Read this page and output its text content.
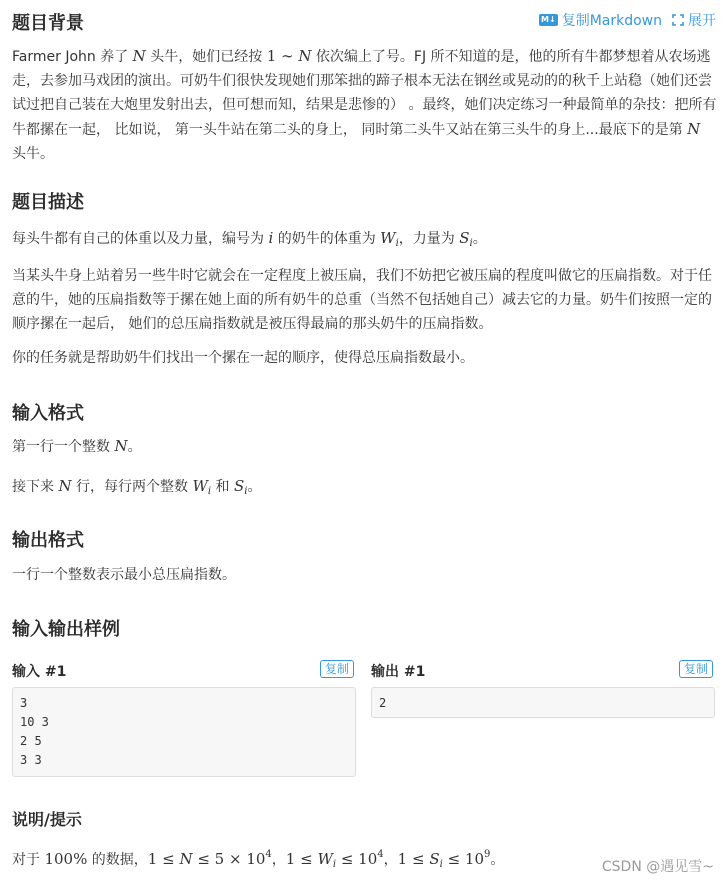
题目背景	M↓ 复制Markdown 展开

Farmer John 养了 N 头牛，她们已经按 1 ∼ N 依次编上了号。FJ 所不知道的是，他的所有牛都梦想着从农场逃走，去参加马戏团的演出。可奶牛们很快发现她们那笨拙的蹄子根本无法在钢丝或晃动的的秋千上站稳（她们还尝试过把自己装在大炮里发射出去，但可想而知，结果是悲惨的） 。最终，她们决定练习一种最简单的杂技：把所有牛都摞在一起， 比如说， 第一头牛站在第二头的身上， 同时第二头牛又站在第三头牛的身上...最底下的是第 N 头牛。

题目描述

每头牛都有自己的体重以及力量，编号为 i 的奶牛的体重为 $W_i$，力量为 $S_i$。

当某头牛身上站着另一些牛时它就会在一定程度上被压扁，我们不妨把它被压扁的程度叫做它的压扁指数。对于任意的牛，她的压扁指数等于摞在她上面的所有奶牛的总重（当然不包括她自己）减去它的力量。奶牛们按照一定的顺序摞在一起后， 她们的总压扁指数就是被压得最扁的那头奶牛的压扁指数。

你的任务就是帮助奶牛们找出一个摞在一起的顺序，使得总压扁指数最小。

输入格式

第一行一个整数 N。

接下来 N 行，每行两个整数 $W_i$ 和 $S_i$。

输出格式

一行一个整数表示最小总压扁指数。

输入输出样例
输入 #1	复制
3
10 3
2 5
3 3
输出 #1	复制
2
说明/提示

对于 100% 的数据，$1 \le N \le 5 \times 10^4$，$1 \le W_i \le 10^4$，$1 \le S_i \le 10^9$。	CSDN @遇见雪~
